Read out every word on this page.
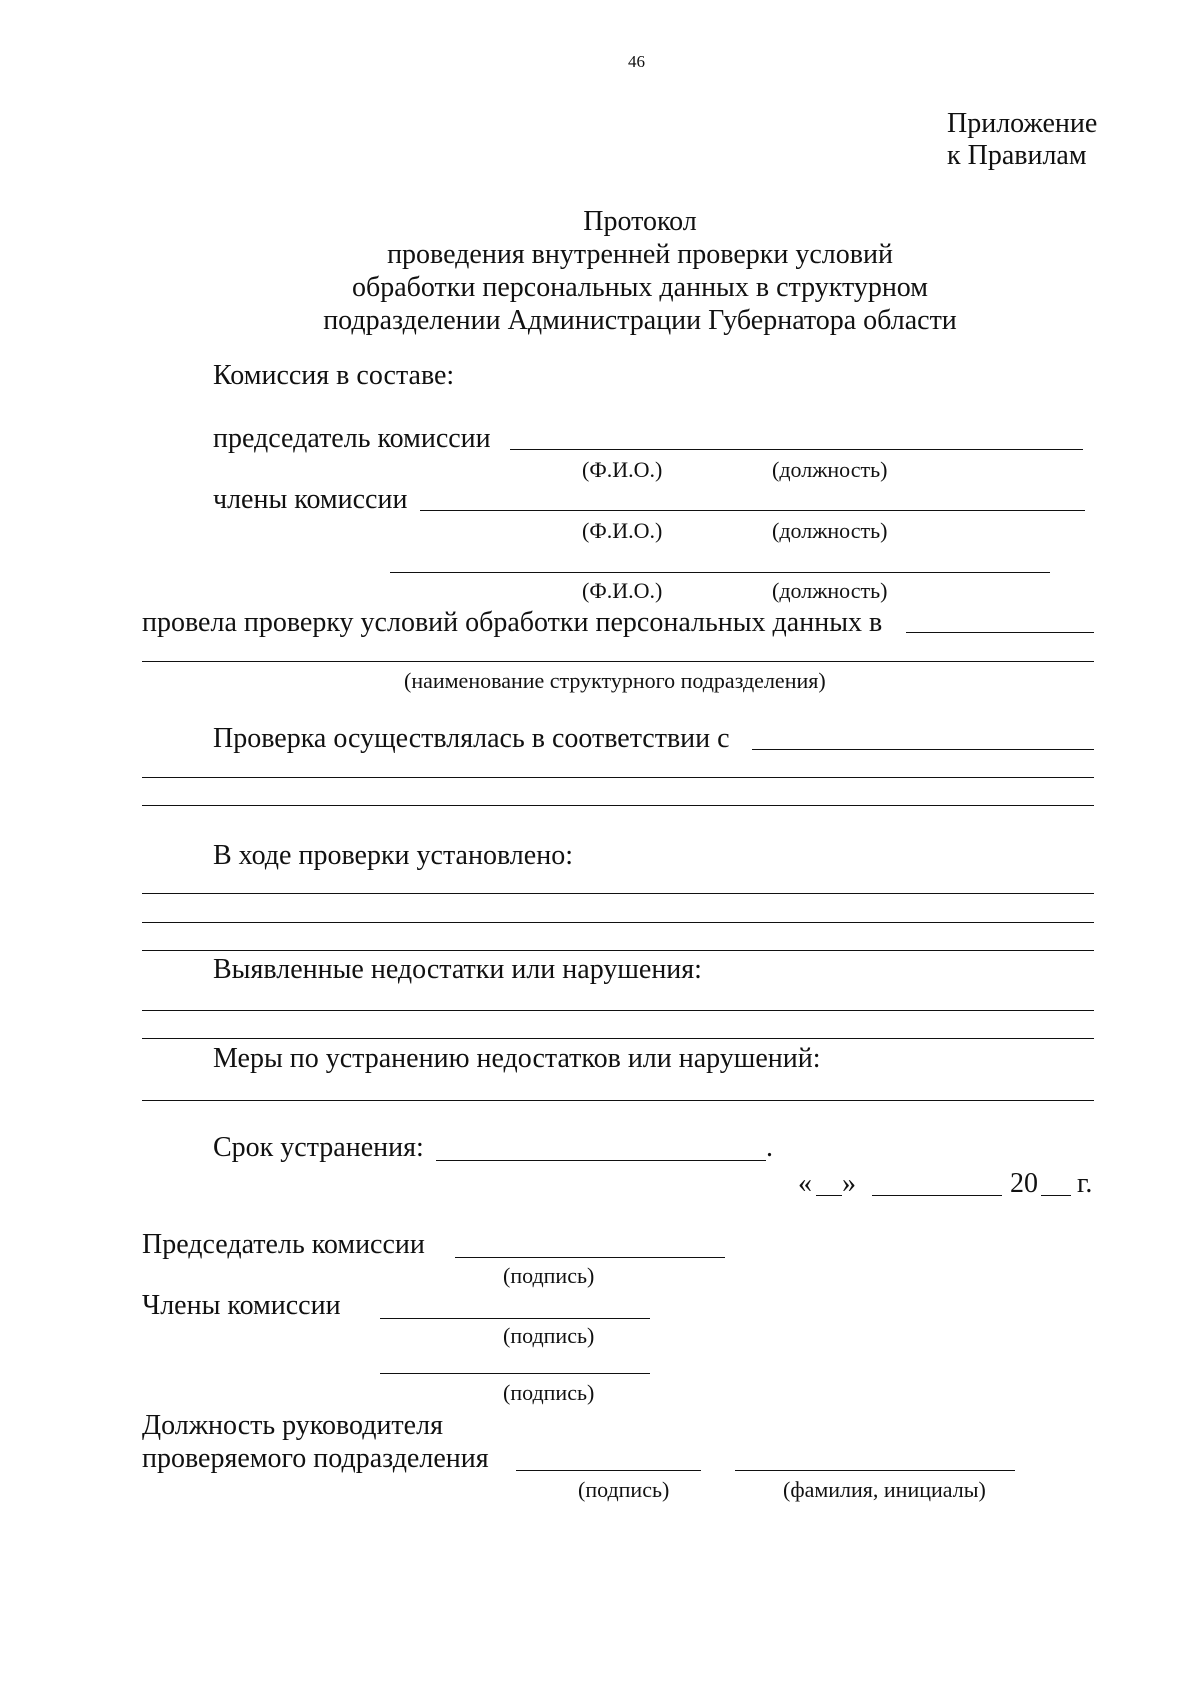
46
Приложение
к Правилам
Протокол
проведения внутренней проверки условий
обработки персональных данных в структурном
подразделении Администрации Губернатора области
Комиссия в составе:
председатель комиссии
(Ф.И.О.)	(должность)
члены комиссии
(Ф.И.О.)	(должность)
(Ф.И.О.)	(должность)
провела проверку условий обработки персональных данных в
(наименование структурного подразделения)
Проверка осуществлялась в соответствии с
В ходе проверки установлено:
Выявленные недостатки или нарушения:
Меры по устранению недостатков или нарушений:
Срок устранения:	.
« »	20 г.
Председатель комиссии
(подпись)
Члены комиссии
(подпись)
(подпись)
Должность руководителя
проверяемого подразделения
(подпись)	(фамилия, инициалы)
